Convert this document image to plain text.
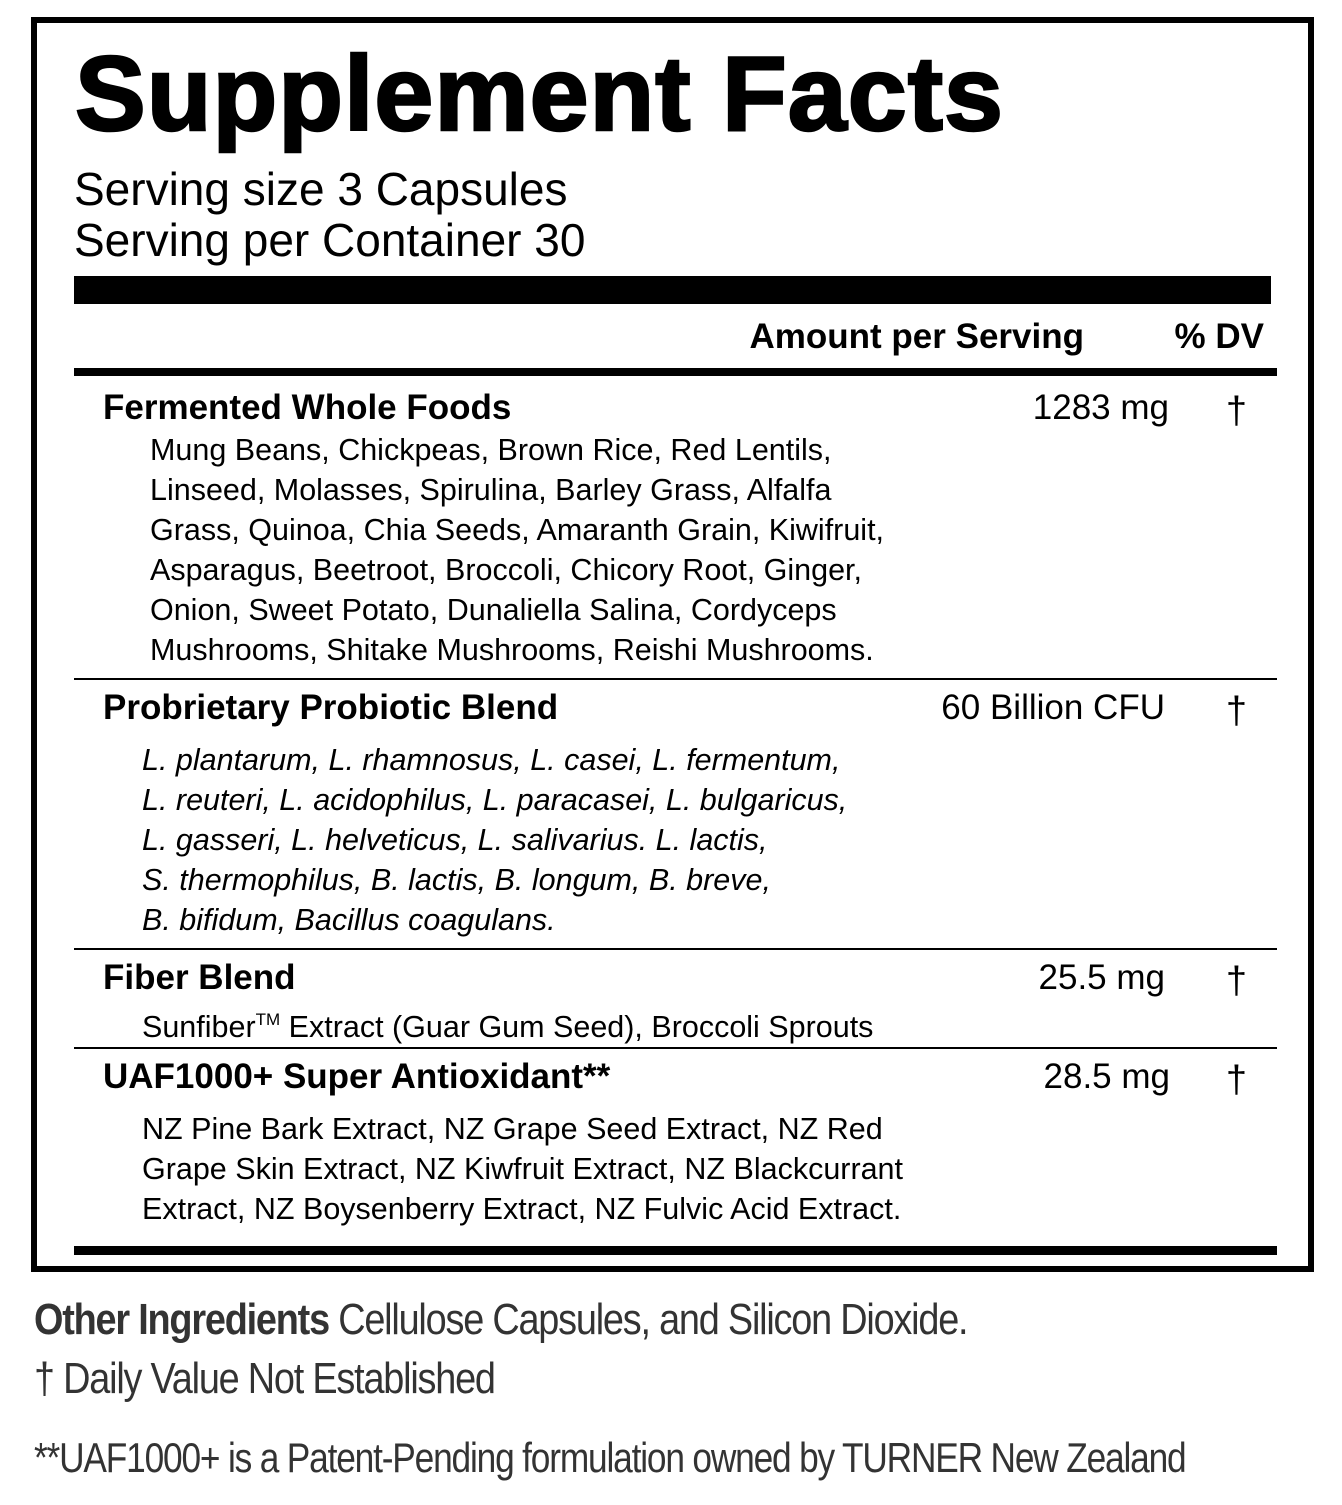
Supplement Facts
Serving size 3 Capsules
Serving per Container 30
Amount per Serving	% DV
Fermented Whole Foods	1283 mg †

Mung Beans, Chickpeas, Brown Rice, Red Lentils,
Linseed, Molasses, Spirulina, Barley Grass, Alfalfa
Grass, Quinoa, Chia Seeds, Amaranth Grain, Kiwifruit,
Asparagus, Beetroot, Broccoli, Chicory Root, Ginger,
Onion, Sweet Potato, Dunaliella Salina, Cordyceps
Mushrooms, Shitake Mushrooms, Reishi Mushrooms.

Probrietary Probiotic Blend	60 Billion CFU †

L. plantarum, L. rhamnosus, L. casei, L. fermentum,
L. reuteri, L. acidophilus, L. paracasei, L. bulgaricus,
L. gasseri, L. helveticus, L. salivarius. L. lactis,
S. thermophilus, B. lactis, B. longum, B. breve,
B. bifidum, Bacillus coagulans.

Fiber Blend	25.5 mg †

Sunfiber™ Extract (Guar Gum Seed), Broccoli Sprouts

UAF1000+ Super Antioxidant**	28.5 mg †

NZ Pine Bark Extract, NZ Grape Seed Extract, NZ Red
Grape Skin Extract, NZ Kiwfruit Extract, NZ Blackcurrant
Extract, NZ Boysenberry Extract, NZ Fulvic Acid Extract.

Other Ingredients Cellulose Capsules, and Silicon Dioxide.
† Daily Value Not Established
**UAF1000+ is a Patent-Pending formulation owned by TURNER New Zealand
